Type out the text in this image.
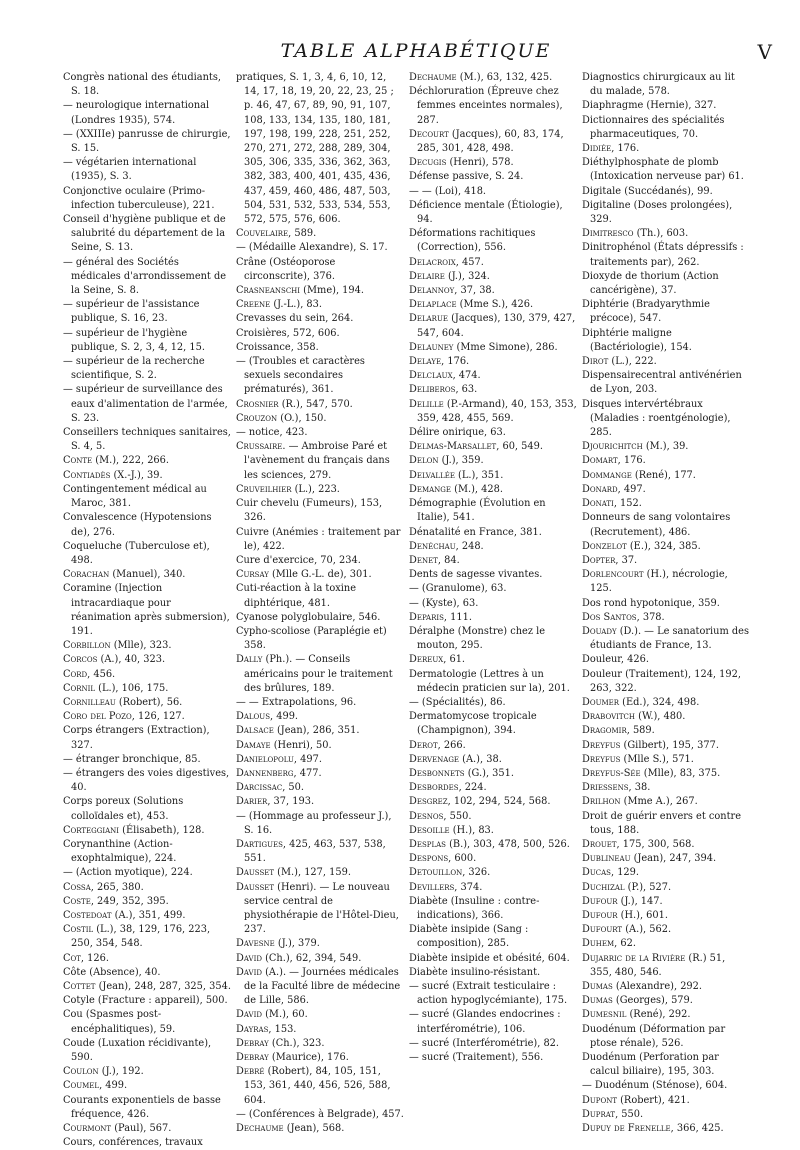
TABLE ALPHABÉTIQUE	V
Congrès national des étudiants, S. 18.
— neurologique international (Londres 1935), 574.
— (XXIIIe) panrusse de chirurgie, S. 15.
— végétarien international (1935), S. 3.
Conjonctive oculaire (Primo-infection tuberculeuse), 221.
Conseil d'hygiène publique et de salubrité du département de la Seine, S. 13.
— général des Sociétés médicales d'arrondissement de la Seine, S. 8.
— supérieur de l'assistance publique, S. 16, 23.
— supérieur de l'hygiène publique, S. 2, 3, 4, 12, 15.
— supérieur de la recherche scientifique, S. 2.
— supérieur de surveillance des eaux d'alimentation de l'armée, S. 23.
Conseillers techniques sanitaires, S. 4, 5.
Conte (M.), 222, 266.
Contiadès (X.-J.), 39.
Contingentement médical au Maroc, 381.
Convalescence (Hypotensions de), 276.
Coqueluche (Tuberculose et), 498.
Corachan (Manuel), 340.
Coramine (Injection intracardiaque pour réanimation après submersion), 191.
Corbillon (Mlle), 323.
Corcos (A.), 40, 323.
Cord, 456.
Cornil (L.), 106, 175.
Cornilleau (Robert), 56.
Coro del Pozo, 126, 127.
Corps étrangers (Extraction), 327.
— étranger bronchique, 85.
— étrangers des voies digestives, 40.
Corps poreux (Solutions colloïdales et), 453.
Corteggiani (Élisabeth), 128.
Corynanthine (Action-exophtalmique), 224.
— (Action myotique), 224.
Cossa, 265, 380.
Coste, 249, 352, 395.
Costedoat (A.), 351, 499.
Costil (L.), 38, 129, 176, 223, 250, 354, 548.
Cot, 126.
Côte (Absence), 40.
Cottet (Jean), 248, 287, 325, 354.
Cotyle (Fracture : appareil), 500.
Cou (Spasmes post-encéphalitiques), 59.
Coude (Luxation récidivante), 590.
Coulon (J.), 192.
Coumel, 499.
Courants exponentiels de basse fréquence, 426.
Courmont (Paul), 567.
Cours, conférences, travaux
pratiques, S. 1, 3, 4, 6, 10, 12, 14, 17, 18, 19, 20, 22, 23, 25 ; p. 46, 47, 67, 89, 90, 91, 107, 108, 133, 134, 135, 180, 181, 197, 198, 199, 228, 251, 252, 270, 271, 272, 288, 289, 304, 305, 306, 335, 336, 362, 363, 382, 383, 400, 401, 435, 436, 437, 459, 460, 486, 487, 503, 504, 531, 532, 533, 534, 553, 572, 575, 576, 606.
Couvelaire, 589.
— (Médaille Alexandre), S. 17.
Crâne (Ostéoporose circonscrite), 376.
Crasneanschi (Mme), 194.
Creene (J.-L.), 83.
Crevasses du sein, 264.
Croisières, 572, 606.
Croissance, 358.
— (Troubles et caractères sexuels secondaires prématurés), 361.
Crosnier (R.), 547, 570.
Crouzon (O.), 150.
— notice, 423.
Crussaire. — Ambroise Paré et l'avènement du français dans les sciences, 279.
Cruveilhier (L.), 223.
Cuir chevelu (Fumeurs), 153, 326.
Cuivre (Anémies : traitement par le), 422.
Cure d'exercice, 70, 234.
Cursay (Mlle G.-L. de), 301.
Cuti-réaction à la toxine diphtérique, 481.
Cyanose polyglobulaire, 546.
Cypho-scoliose (Paraplégie et) 358.
Dally (Ph.). — Conseils américains pour le traitement des brûlures, 189.
— — Extrapolations, 96.
Dalous, 499.
Dalsace (Jean), 286, 351.
Damaye (Henri), 50.
Danielopolu, 497.
Dannenberg, 477.
Darcissac, 50.
Darier, 37, 193.
— (Hommage au professeur J.), S. 16.
Dartigues, 425, 463, 537, 538, 551.
Dausset (M.), 127, 159.
Dausset (Henri). — Le nouveau service central de physiothérapie de l'Hôtel-Dieu, 237.
Davesne (J.), 379.
David (Ch.), 62, 394, 549.
David (A.). — Journées médicales de la Faculté libre de médecine de Lille, 586.
David (M.), 60.
Dayras, 153.
Debray (Ch.), 323.
Debray (Maurice), 176.
Debré (Robert), 84, 105, 151, 153, 361, 440, 456, 526, 588, 604.
— (Conférences à Belgrade), 457.
Dechaume (Jean), 568.
Dechaume (M.), 63, 132, 425.
Déchloruration (Épreuve chez femmes enceintes normales), 287.
Decourt (Jacques), 60, 83, 174, 285, 301, 428, 498.
Decugis (Henri), 578.
Défense passive, S. 24.
— — (Loi), 418.
Déficience mentale (Étiologie), 94.
Déformations rachitiques (Correction), 556.
Delacroix, 457.
Delaire (J.), 324.
Delannoy, 37, 38.
Delaplace (Mme S.), 426.
Delarue (Jacques), 130, 379, 427, 547, 604.
Delauney (Mme Simone), 286.
Delaye, 176.
Delclaux, 474.
Deliberos, 63.
Delille (P.-Armand), 40, 153, 353, 359, 428, 455, 569.
Délire onirique, 63.
Delmas-Marsallet, 60, 549.
Delon (J.), 359.
Delvallée (L.), 351.
Demange (M.), 428.
Démographie (Évolution en Italie), 541.
Dénatalité en France, 381.
Denéchau, 248.
Denet, 84.
Dents de sagesse vivantes.
— (Granulome), 63.
— (Kyste), 63.
Deparis, 111.
Déralphe (Monstre) chez le mouton, 295.
Dereux, 61.
Dermatologie (Lettres à un médecin praticien sur la), 201.
— (Spécialités), 86.
Dermatomycose tropicale (Champignon), 394.
Derot, 266.
Dervenage (A.), 38.
Desbonnets (G.), 351.
Desbordes, 224.
Desgrez, 102, 294, 524, 568.
Desnos, 550.
Desoille (H.), 83.
Desplas (B.), 303, 478, 500, 526.
Despons, 600.
Detouillon, 326.
Devillers, 374.
Diabète (Insuline : contre-indications), 366.
Diabète insipide (Sang : composition), 285.
Diabète insipide et obésité, 604.
Diabète insulino-résistant.
— sucré (Extrait testiculaire : action hypoglycémiante), 175.
— sucré (Glandes endocrines : interférométrie), 106.
— sucré (Interférométrie), 82.
— sucré (Traitement), 556.
Diagnostics chirurgicaux au lit du malade, 578.
Diaphragme (Hernie), 327.
Dictionnaires des spécialités pharmaceutiques, 70.
Didiée, 176.
Diéthylphosphate de plomb (Intoxication nerveuse par) 61.
Digitale (Succédanés), 99.
Digitaline (Doses prolongées), 329.
Dimitresco (Th.), 603.
Dinitrophénol (États dépressifs : traitements par), 262.
Dioxyde de thorium (Action cancérigène), 37.
Diphtérie (Bradyarythmie précoce), 547.
Diphtérie maligne (Bactériologie), 154.
Dirot (L.), 222.
Dispensairecentral antivénérien de Lyon, 203.
Disques intervértébraux (Maladies : roentgénologie), 285.
Djourichitch (M.), 39.
Domart, 176.
Dommange (René), 177.
Donard, 497.
Donati, 152.
Donneurs de sang volontaires (Recrutement), 486.
Donzelot (E.), 324, 385.
Dopter, 37.
Dorlencourt (H.), nécrologie, 125.
Dos rond hypotonique, 359.
Dos Santos, 378.
Douady (D.). — Le sanatorium des étudiants de France, 13.
Douleur, 426.
Douleur (Traitement), 124, 192, 263, 322.
Doumer (Ed.), 324, 498.
Drabovitch (W.), 480.
Dragomir, 589.
Dreyfus (Gilbert), 195, 377.
Dreyfus (Mlle S.), 571.
Dreyfus-Sée (Mlle), 83, 375.
Driessens, 38.
Drilhon (Mme A.), 267.
Droit de guérir envers et contre tous, 188.
Drouet, 175, 300, 568.
Dublineau (Jean), 247, 394.
Ducas, 129.
Duchizal (P.), 527.
Dufour (J.), 147.
Dufour (H.), 601.
Dufourt (A.), 562.
Duhem, 62.
Dujarric de la Rivière (R.) 51, 355, 480, 546.
Dumas (Alexandre), 292.
Dumas (Georges), 579.
Dumesnil (René), 292.
Duodénum (Déformation par ptose rénale), 526.
Duodénum (Perforation par calcul biliaire), 195, 303.
— Duodénum (Sténose), 604.
Dupont (Robert), 421.
Duprat, 550.
Dupuy de Frenelle, 366, 425.
